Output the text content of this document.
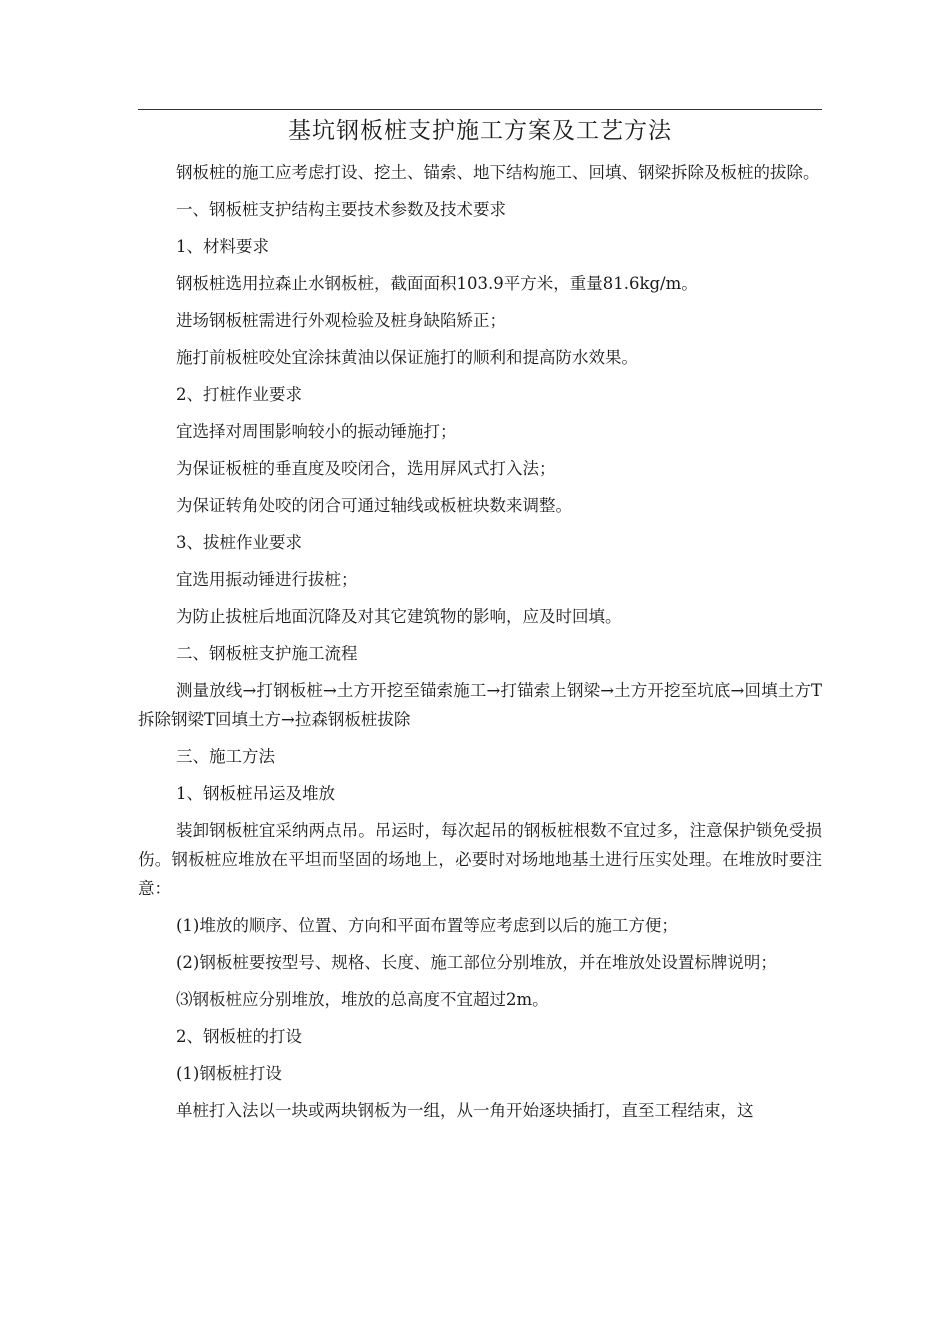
基坑钢板桩支护施工方案及工艺方法

钢板桩的施工应考虑打设、挖土、锚索、地下结构施工、回填、钢梁拆除及板桩的拔除。

一、钢板桩支护结构主要技术参数及技术要求

1、材料要求

钢板桩选用拉森止水钢板桩，截面面积103.9平方米，重量81.6kg/m。

进场钢板桩需进行外观检验及桩身缺陷矫正；

施打前板桩咬处宜涂抹黄油以保证施打的顺利和提高防水效果。

2、打桩作业要求

宜选择对周围影响较小的振动锤施打；

为保证板桩的垂直度及咬闭合，选用屏风式打入法；

为保证转角处咬的闭合可通过轴线或板桩块数来调整。

3、拔桩作业要求

宜选用振动锤进行拔桩；

为防止拔桩后地面沉降及对其它建筑物的影响，应及时回填。

二、钢板桩支护施工流程

测量放线→打钢板桩→土方开挖至锚索施工→打锚索上钢梁→土方开挖至坑底→回填土方T拆除钢梁T回填土方→拉森钢板桩拔除

三、施工方法

1、钢板桩吊运及堆放

装卸钢板桩宜采纳两点吊。吊运时，每次起吊的钢板桩根数不宜过多，注意保护锁免受损伤。钢板桩应堆放在平坦而坚固的场地上，必要时对场地地基土进行压实处理。在堆放时要注意：

(1)堆放的顺序、位置、方向和平面布置等应考虑到以后的施工方便；

(2)钢板桩要按型号、规格、长度、施工部位分别堆放，并在堆放处设置标牌说明；

⑶钢板桩应分别堆放，堆放的总高度不宜超过2m。

2、钢板桩的打设

(1)钢板桩打设

单桩打入法以一块或两块钢板为一组，从一角开始逐块插打，直至工程结束，这
